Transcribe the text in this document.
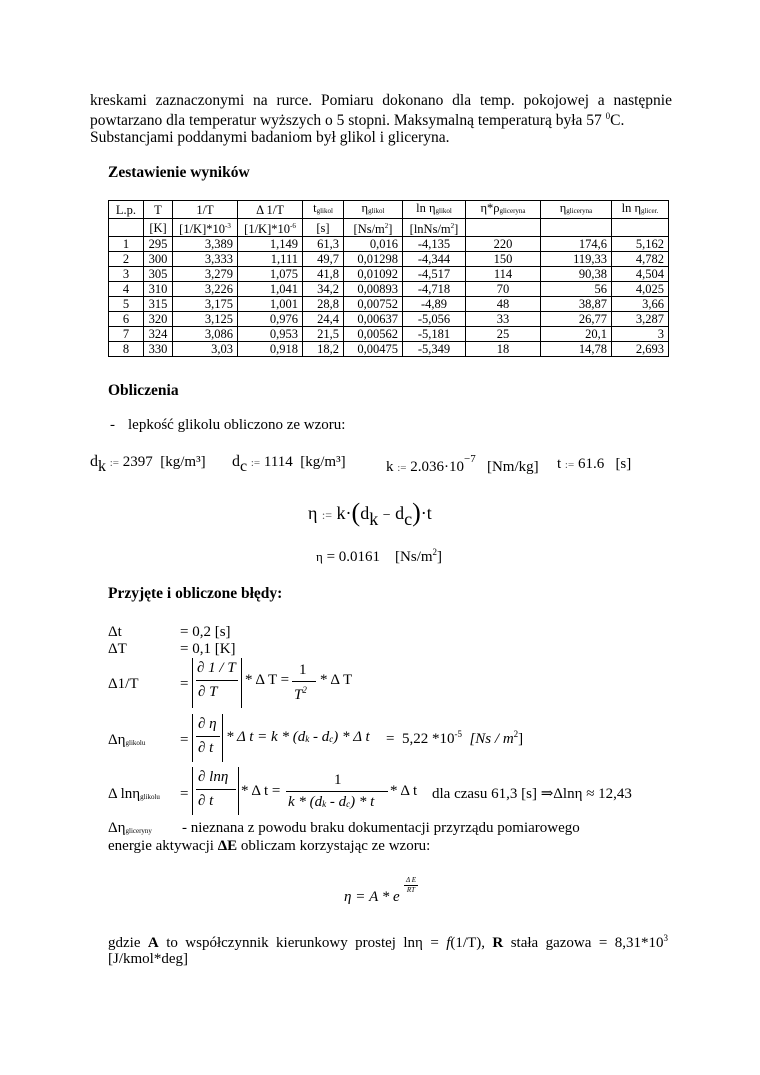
kreskami zaznaczonymi na rurce. Pomiaru dokonano dla temp. pokojowej a następnie
powtarzano dla temperatur wyższych o 5 stopni. Maksymalną temperaturą była 57 $^0$C.
Substancjami poddanymi badaniom był glikol i gliceryna.
Zestawienie wyników
L.p.	T	1/T	Δ 1/T	tglikol	ηglikol	ln ηglikol	η*ρgliceryna	ηgliceryna	ln ηglicer.
	[K]	$[1/K]*10^{-3}$	$[1/K]*10^{-6}$	[s]	$[Ns/m^2]$	$[lnNs/m^2]$			
1	295	3,389	1,149	61,3	0,016	-4,135	220	174,6	5,162
2	300	3,333	1,111	49,7	0,01298	-4,344	150	119,33	4,782
3	305	3,279	1,075	41,8	0,01092	-4,517	114	90,38	4,504
4	310	3,226	1,041	34,2	0,00893	-4,718	70	56	4,025
5	315	3,175	1,001	28,8	0,00752	-4,89	48	38,87	3,66
6	320	3,125	0,976	24,4	0,00637	-5,056	33	26,77	3,287
7	324	3,086	0,953	21,5	0,00562	-5,181	25	20,1	3
8	330	3,03	0,918	18,2	0,00475	-5,349	18	14,78	2,693
Obliczenia
- lepkość glikolu obliczono ze wzoru:
dk := 2397 [kg/m³] dc := 1114 [kg/m³]	k := $2.036\cdot 10^{-7}$ [Nm/kg] t := 61.6 [s]
η := k·(dk − dc)·t
η = 0.0161 $[Ns/m^2]$
Przyjęte i obliczone błędy:
Δt	= 0,2 [s]
ΔT	= 0,1 [K]
Δ1/T	=
∂ 1 / T
∂ T
* Δ T =
1
$T^2$
* Δ T
Δηglikolu =
∂ η
∂ t
* Δ t = k * (dk - dc) * Δ t = 5,22 $*10^{-5}$ $[Ns / m^2]$
Δ lnηglikolu =
∂ lnη
∂ t
* Δ t =
1
k * (dk - dc) * t
* Δ t dla czasu 61,3 [s] ⇒Δlnη ≈ 12,43
Δηgliceryny - nieznana z powodu braku dokumentacji przyrządu pomiarowego
energie aktywacji ΔE obliczam korzystając ze wzoru:
η = A * e
Δ E
RT
gdzie A to współczynnik kierunkowy prostej lnη = f(1/T), R stała gazowa = $8,31*10^3$
[J/kmol*deg]
